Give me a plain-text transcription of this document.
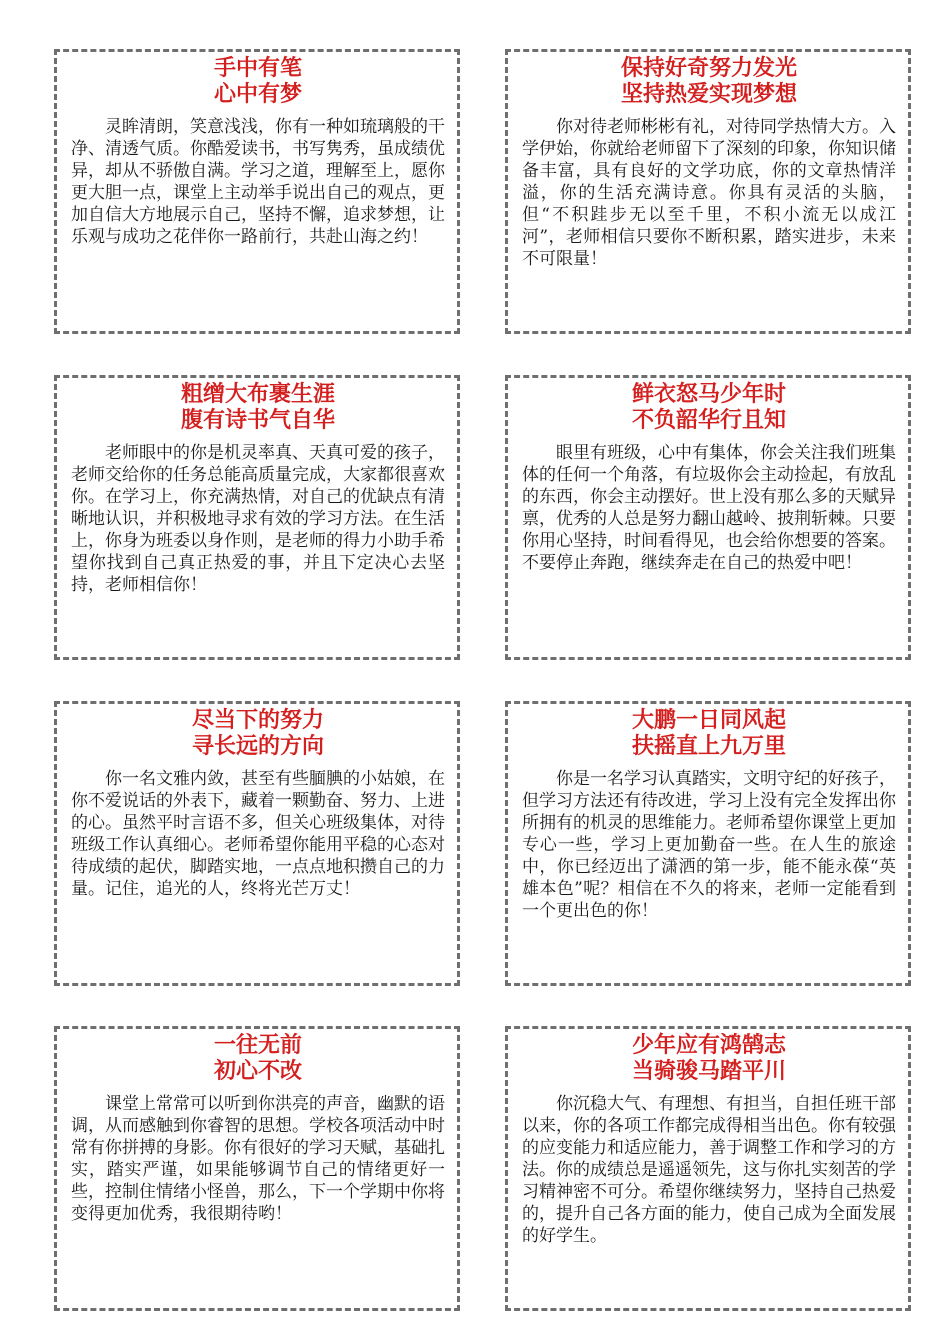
手中有笔
心中有梦

灵眸清朗，笑意浅浅，你有一种如琉璃般的干净、清透气质。你酷爱读书，书写隽秀，虽成绩优异，却从不骄傲自满。学习之道，理解至上，愿你更大胆一点，课堂上主动举手说出自己的观点，更加自信大方地展示自己，坚持不懈，追求梦想，让乐观与成功之花伴你一路前行，共赴山海之约！

保持好奇努力发光
坚持热爱实现梦想

你对待老师彬彬有礼，对待同学热情大方。入学伊始，你就给老师留下了深刻的印象，你知识储备丰富，具有良好的文学功底，你的文章热情洋溢，你的生活充满诗意。你具有灵活的头脑，但“不积跬步无以至千里，不积小流无以成江河”，老师相信只要你不断积累，踏实进步，未来不可限量！

粗缯大布裹生涯
腹有诗书气自华

老师眼中的你是机灵率真、天真可爱的孩子，老师交给你的任务总能高质量完成，大家都很喜欢你。在学习上，你充满热情，对自己的优缺点有清晰地认识，并积极地寻求有效的学习方法。在生活上，你身为班委以身作则，是老师的得力小助手希望你找到自己真正热爱的事，并且下定决心去坚持，老师相信你！

鲜衣怒马少年时
不负韶华行且知

眼里有班级，心中有集体，你会关注我们班集体的任何一个角落，有垃圾你会主动捡起，有放乱的东西，你会主动摆好。世上没有那么多的天赋异禀，优秀的人总是努力翻山越岭、披荆斩棘。只要你用心坚持，时间看得见，也会给你想要的答案。不要停止奔跑，继续奔走在自己的热爱中吧！

尽当下的努力
寻长远的方向

你一名文雅内敛，甚至有些腼腆的小姑娘，在你不爱说话的外表下，藏着一颗勤奋、努力、上进的心。虽然平时言语不多，但关心班级集体，对待班级工作认真细心。老师希望你能用平稳的心态对待成绩的起伏，脚踏实地，一点点地积攒自己的力量。记住，追光的人，终将光芒万丈！

大鹏一日同风起
扶摇直上九万里

你是一名学习认真踏实，文明守纪的好孩子，但学习方法还有待改进，学习上没有完全发挥出你所拥有的机灵的思维能力。老师希望你课堂上更加专心一些，学习上更加勤奋一些。在人生的旅途中，你已经迈出了潇洒的第一步，能不能永葆“英雄本色”呢？相信在不久的将来，老师一定能看到一个更出色的你！

一往无前
初心不改

课堂上常常可以听到你洪亮的声音，幽默的语调，从而感触到你睿智的思想。学校各项活动中时常有你拼搏的身影。你有很好的学习天赋，基础扎实，踏实严谨，如果能够调节自己的情绪更好一些，控制住情绪小怪兽，那么，下一个学期中你将变得更加优秀，我很期待哟！

少年应有鸿鹄志
当骑骏马踏平川

你沉稳大气、有理想、有担当，自担任班干部以来，你的各项工作都完成得相当出色。你有较强的应变能力和适应能力，善于调整工作和学习的方法。你的成绩总是遥遥领先，这与你扎实刻苦的学习精神密不可分。希望你继续努力，坚持自己热爱的，提升自己各方面的能力，使自己成为全面发展的好学生。
